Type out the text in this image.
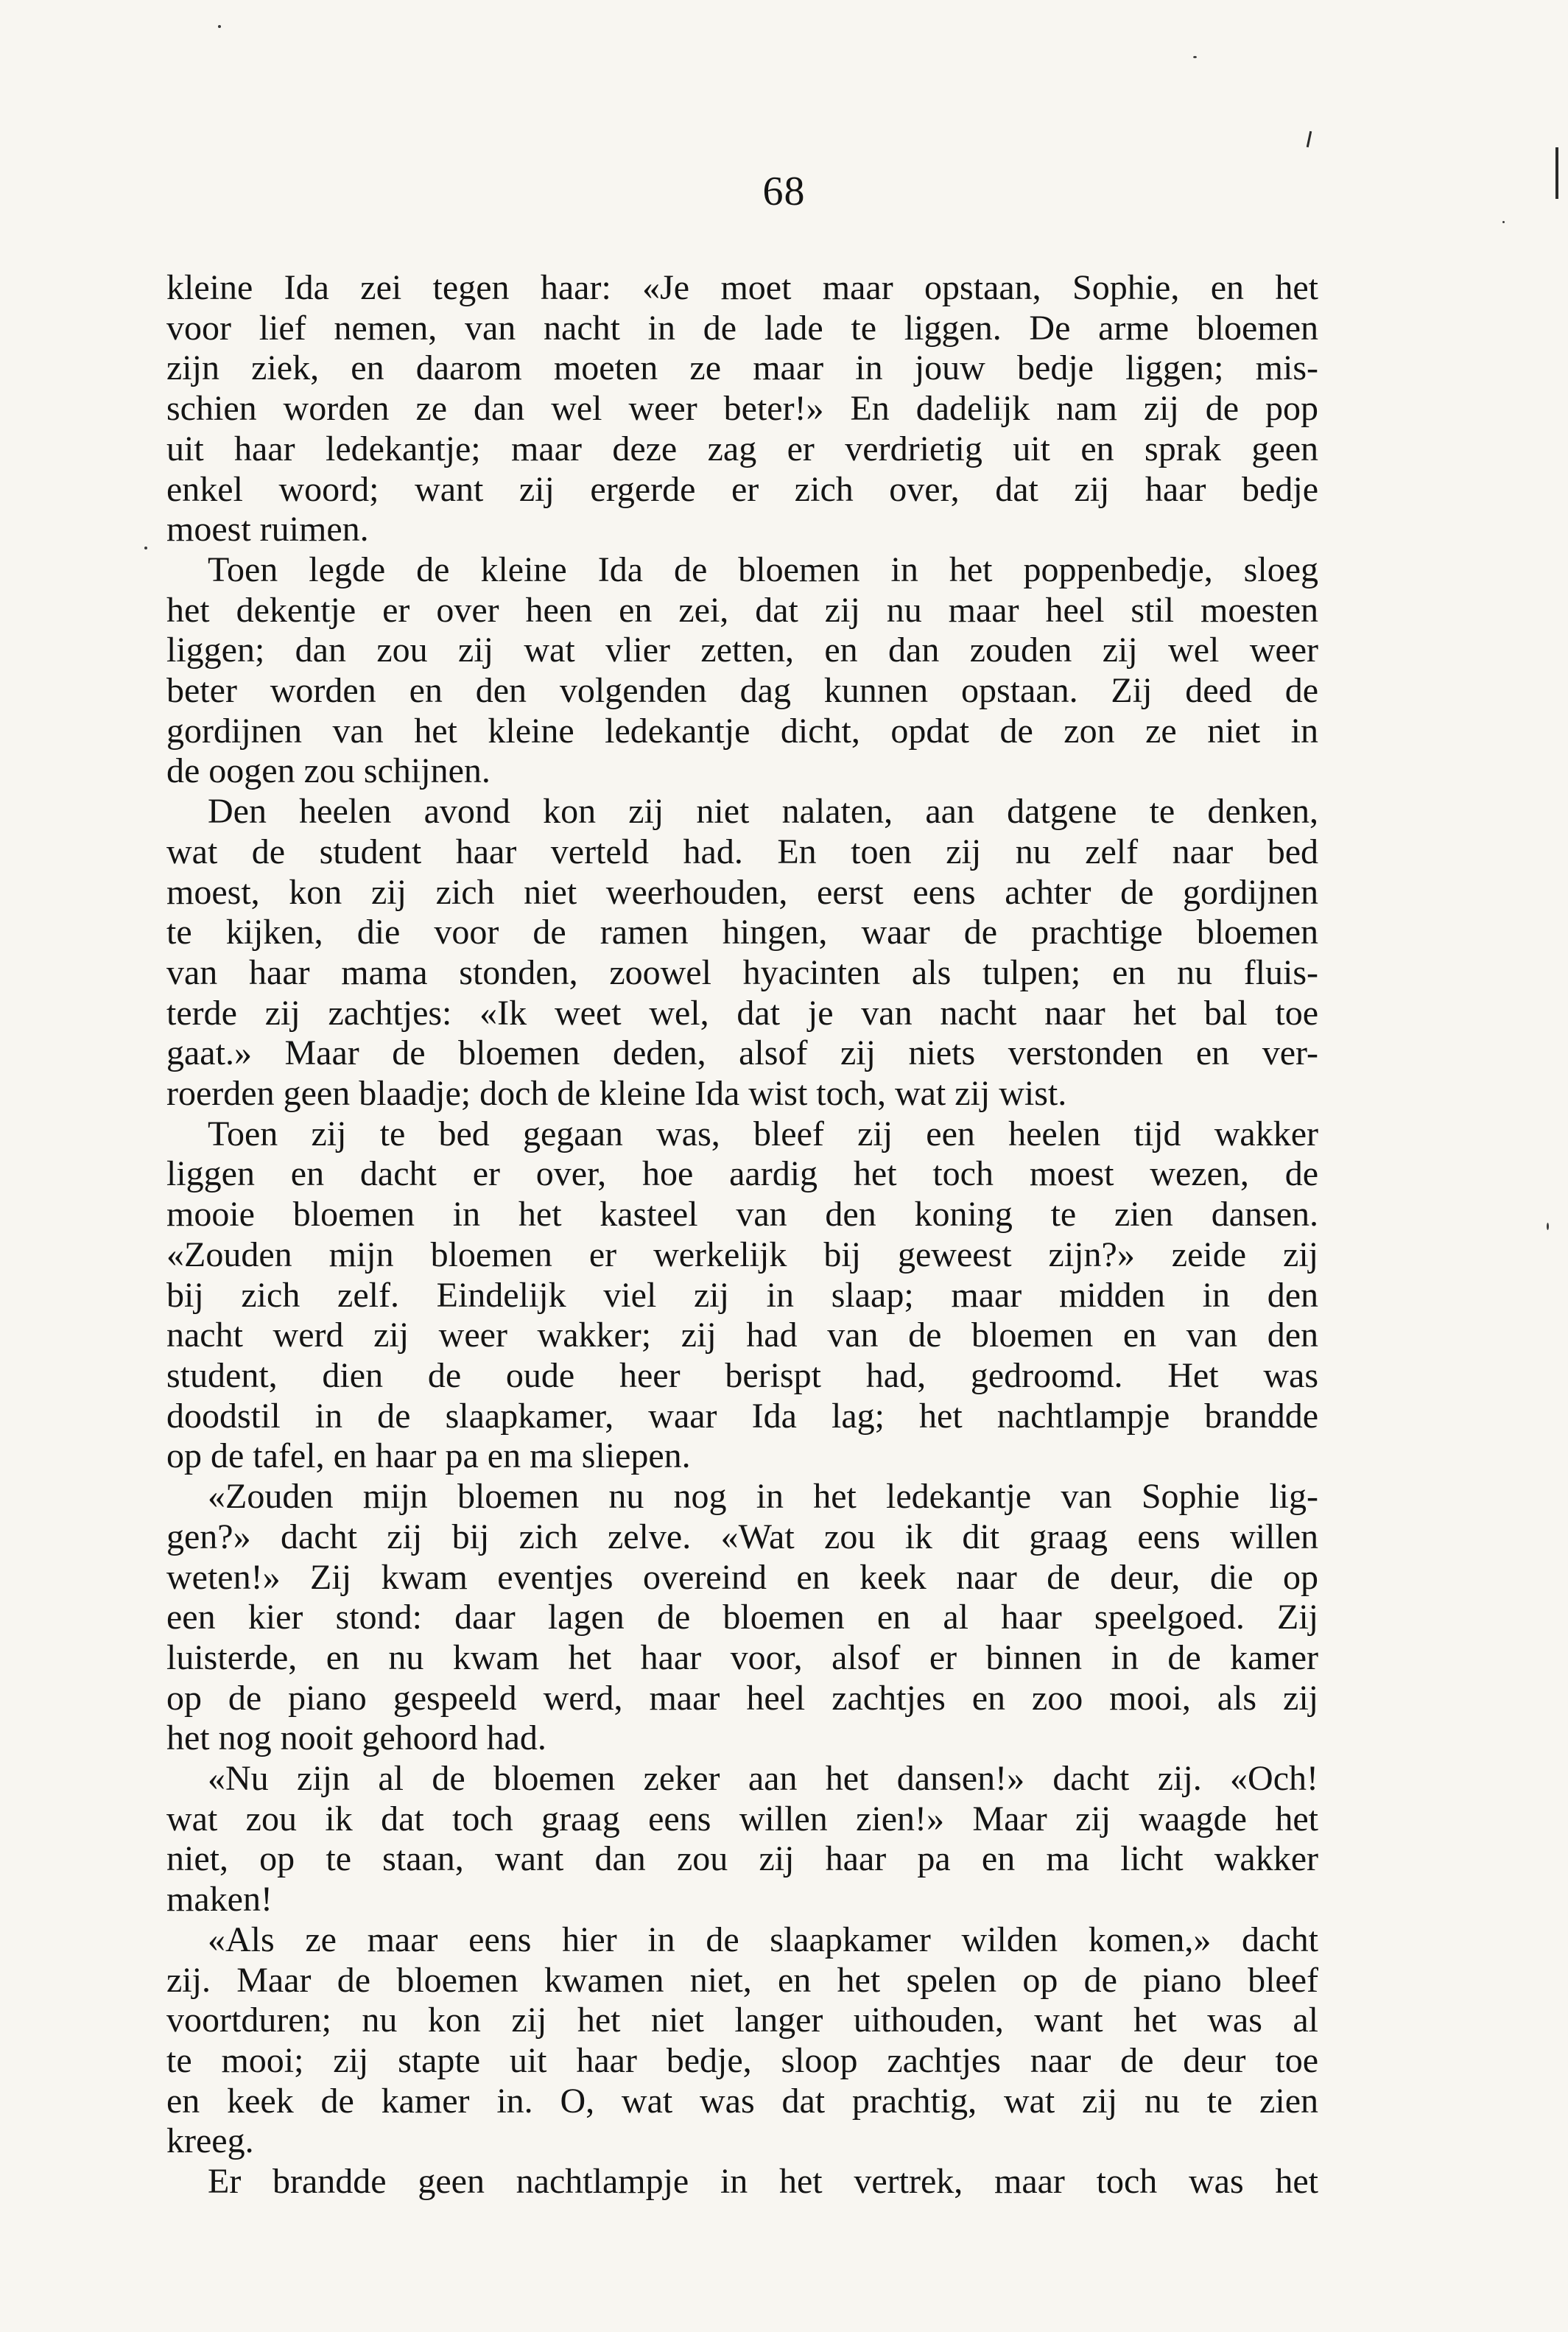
68
kleine Ida zei tegen haar: «Je moet maar opstaan, Sophie, en het
voor lief nemen, van nacht in de lade te liggen. De arme bloemen
zijn ziek, en daarom moeten ze maar in jouw bedje liggen; mis-
schien worden ze dan wel weer beter!» En dadelijk nam zij de pop
uit haar ledekantje; maar deze zag er verdrietig uit en sprak geen
enkel woord; want zij ergerde er zich over, dat zij haar bedje
moest ruimen.
Toen legde de kleine Ida de bloemen in het poppenbedje, sloeg
het dekentje er over heen en zei, dat zij nu maar heel stil moesten
liggen; dan zou zij wat vlier zetten, en dan zouden zij wel weer
beter worden en den volgenden dag kunnen opstaan. Zij deed de
gordijnen van het kleine ledekantje dicht, opdat de zon ze niet in
de oogen zou schijnen.
Den heelen avond kon zij niet nalaten, aan datgene te denken,
wat de student haar verteld had. En toen zij nu zelf naar bed
moest, kon zij zich niet weerhouden, eerst eens achter de gordijnen
te kijken, die voor de ramen hingen, waar de prachtige bloemen
van haar mama stonden, zoowel hyacinten als tulpen; en nu fluis-
terde zij zachtjes: «Ik weet wel, dat je van nacht naar het bal toe
gaat.» Maar de bloemen deden, alsof zij niets verstonden en ver-
roerden geen blaadje; doch de kleine Ida wist toch, wat zij wist.
Toen zij te bed gegaan was, bleef zij een heelen tijd wakker
liggen en dacht er over, hoe aardig het toch moest wezen, de
mooie bloemen in het kasteel van den koning te zien dansen.
«Zouden mijn bloemen er werkelijk bij geweest zijn?» zeide zij
bij zich zelf. Eindelijk viel zij in slaap; maar midden in den
nacht werd zij weer wakker; zij had van de bloemen en van den
student, dien de oude heer berispt had, gedroomd. Het was
doodstil in de slaapkamer, waar Ida lag; het nachtlampje brandde
op de tafel, en haar pa en ma sliepen.
«Zouden mijn bloemen nu nog in het ledekantje van Sophie lig-
gen?» dacht zij bij zich zelve. «Wat zou ik dit graag eens willen
weten!» Zij kwam eventjes overeind en keek naar de deur, die op
een kier stond: daar lagen de bloemen en al haar speelgoed. Zij
luisterde, en nu kwam het haar voor, alsof er binnen in de kamer
op de piano gespeeld werd, maar heel zachtjes en zoo mooi, als zij
het nog nooit gehoord had.
«Nu zijn al de bloemen zeker aan het dansen!» dacht zij. «Och!
wat zou ik dat toch graag eens willen zien!» Maar zij waagde het
niet, op te staan, want dan zou zij haar pa en ma licht wakker
maken!
«Als ze maar eens hier in de slaapkamer wilden komen,» dacht
zij. Maar de bloemen kwamen niet, en het spelen op de piano bleef
voortduren; nu kon zij het niet langer uithouden, want het was al
te mooi; zij stapte uit haar bedje, sloop zachtjes naar de deur toe
en keek de kamer in. O, wat was dat prachtig, wat zij nu te zien
kreeg.
Er brandde geen nachtlampje in het vertrek, maar toch was het
